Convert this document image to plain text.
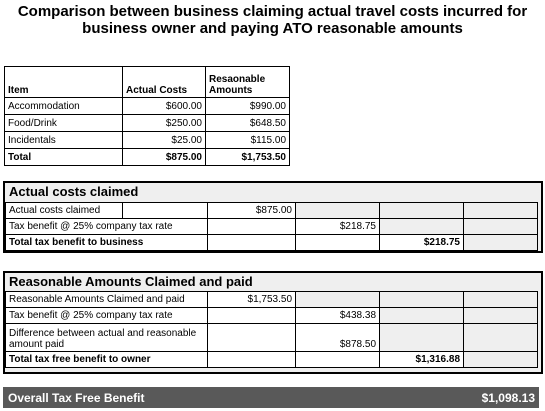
Comparison between business claiming actual travel costs incurred for business owner and paying ATO reasonable amounts
Item	Actual Costs	Resaonable Amounts
Accommodation	$600.00	$990.00
Food/Drink	$250.00	$648.50
Incidentals	$25.00	$115.00
Total	$875.00	$1,753.50
Actual costs claimed
Actual costs claimed		$875.00			
Tax benefit @ 25% company tax rate			$218.75		
Total tax benefit to business				$218.75	
Reasonable Amounts Claimed and paid
Reasonable Amounts Claimed and paid	$1,753.50			
Tax benefit @ 25% company tax rate		$438.38		
Difference between actual and reasonable amount paid		$878.50		
Total tax free benefit to owner			$1,316.88	
Overall Tax Free Benefit	$1,098.13
